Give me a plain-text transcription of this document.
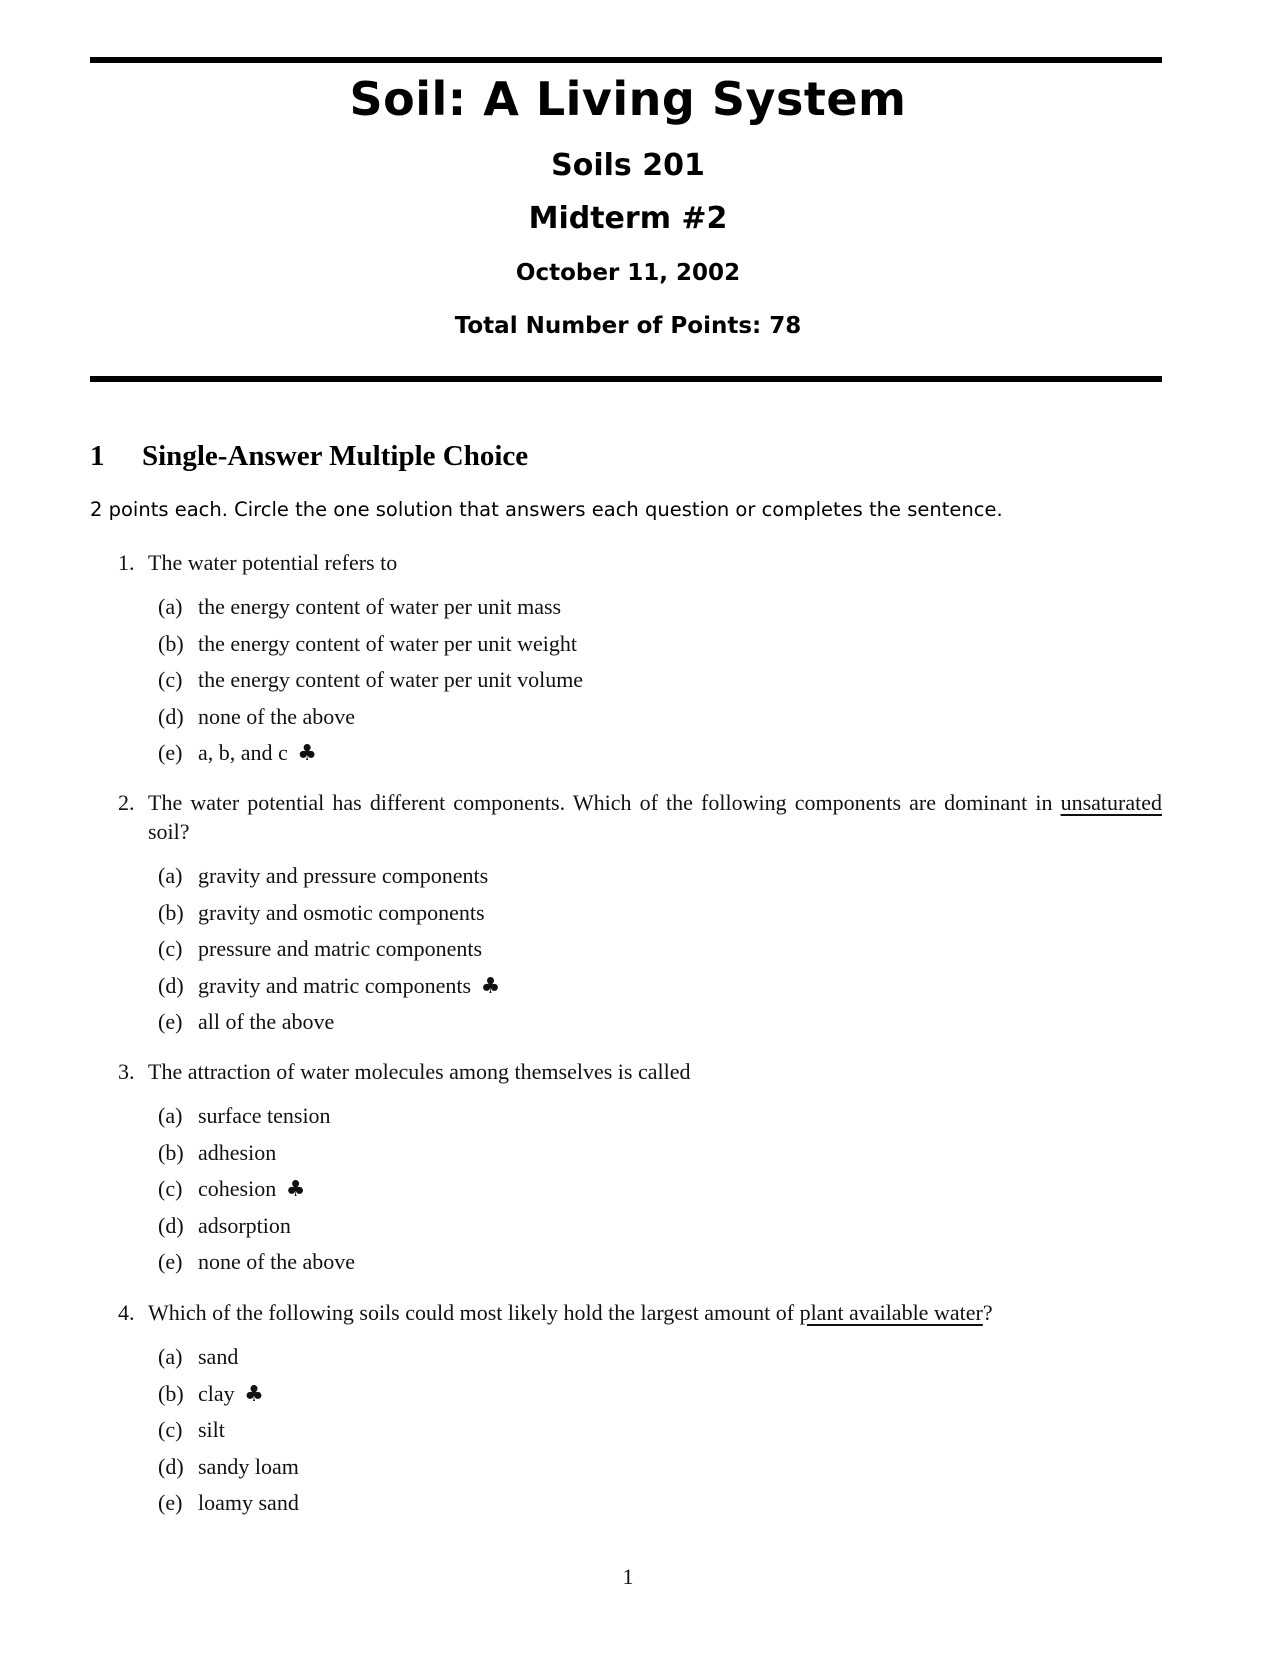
Soil: A Living System
Soils 201
Midterm #2
October 11, 2002
Total Number of Points: 78
1 Single-Answer Multiple Choice
2 points each. Circle the one solution that answers each question or completes the sentence.
1. The water potential refers to
(a) the energy content of water per unit mass
(b) the energy content of water per unit weight
(c) the energy content of water per unit volume
(d) none of the above
(e) a, b, and c ♣
2. The water potential has different components. Which of the following components are dominant in unsaturated soil?
(a) gravity and pressure components
(b) gravity and osmotic components
(c) pressure and matric components
(d) gravity and matric components ♣
(e) all of the above
3. The attraction of water molecules among themselves is called
(a) surface tension
(b) adhesion
(c) cohesion ♣
(d) adsorption
(e) none of the above
4. Which of the following soils could most likely hold the largest amount of plant available water?
(a) sand
(b) clay ♣
(c) silt
(d) sandy loam
(e) loamy sand
1
